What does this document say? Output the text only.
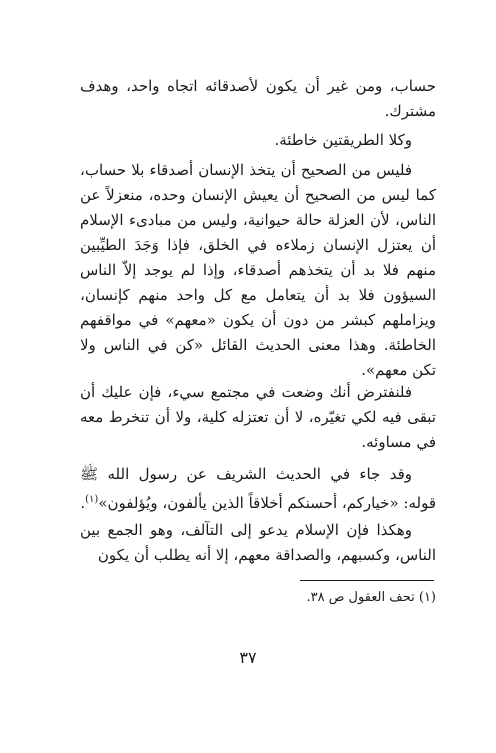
حساب، ومن غير أن يكون لأصدقائه اتجاه واحد، وهدف مشترك.

وكلا الطريقتين خاطئة.

فليس من الصحيح أن يتخذ الإنسان أصدقاء بلا حساب، كما ليس من الصحيح أن يعيش الإنسان وحده، منعزلاً عن الناس، لأن العزلة حالة حيوانية، وليس من مبادىء الإسلام أن يعتزل الإنسان زملاءه في الخلق، فإذا وَجَدَ الطيِّبين منهم فلا بد أن يتخذهم أصدقاء، وإذا لم يوجد إلاّ الناس السيؤون فلا بد أن يتعامل مع كل واحد منهم كإنسان، ويزاملهم كبشر من دون أن يكون «معهم» في مواقفهم الخاطئة. وهذا معنى الحديث القائل «كن في الناس ولا تكن معهم».

فلنفترض أنك وضعت في مجتمع سيء، فإن عليك أن تبقى فيه لكي تغيّره، لا أن تعتزله كلية، ولا أن تنخرط معه في مساوئه.

وقد جاء في الحديث الشريف عن رسول الله ﷺ قوله: «خياركم، أحسنكم أخلاقاً الذين يألفون، ويُؤلفون»$^{(١)}$.

وهكذا فإن الإسلام يدعو إلى التآلف، وهو الجمع بين الناس، وكسبهم، والصداقة معهم، إلا أنه يطلب أن يكون

(١) تحف العقول ص ٣٨.
٣٧
